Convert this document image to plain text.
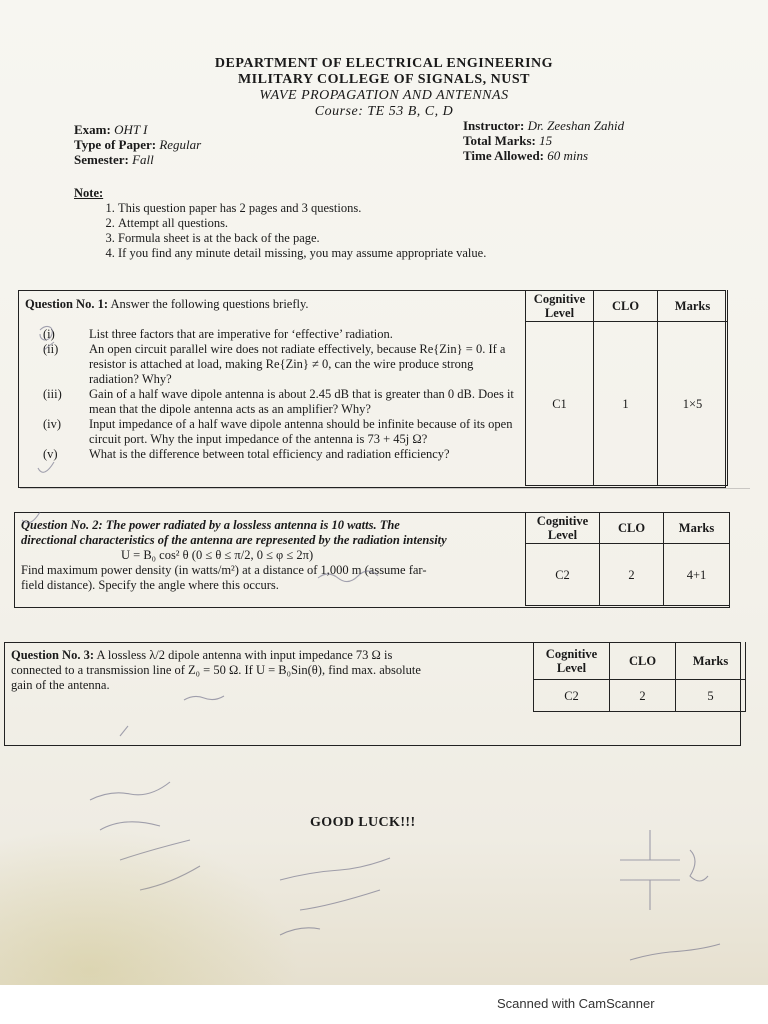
DEPARTMENT OF ELECTRICAL ENGINEERING
MILITARY COLLEGE OF SIGNALS, NUST
WAVE PROPAGATION AND ANTENNAS
Course: TE 53 B, C, D
Exam: OHT I
Type of Paper: Regular
Semester: Fall
Instructor: Dr. Zeeshan Zahid
Total Marks: 15
Time Allowed: 60 mins
Note:
1. This question paper has 2 pages and 3 questions.
2. Attempt all questions.
3. Formula sheet is at the back of the page.
4. If you find any minute detail missing, you may assume appropriate value.
Question No. 1: Answer the following questions briefly.
(i)	List three factors that are imperative for ‘effective’ radiation.
(ii)	An open circuit parallel wire does not radiate effectively, because Re{Zin} = 0. If a resistor is attached at load, making Re{Zin} ≠ 0, can the wire produce strong radiation? Why?
(iii)	Gain of a half wave dipole antenna is about 2.45 dB that is greater than 0 dB. Does it mean that the dipole antenna acts as an amplifier? Why?
(iv)	Input impedance of a half wave dipole antenna should be infinite because of its open circuit port. Why the input impedance of the antenna is 73 + 45j Ω?
(v)	What is the difference between total efficiency and radiation efficiency?
Cognitive Level	CLO	Marks
C1	1	1×5
Question No. 2: The power radiated by a lossless antenna is 10 watts. The
directional characteristics of the antenna are represented by the radiation intensity
U = B₀ cos² θ (0 ≤ θ ≤ π/2, 0 ≤ φ ≤ 2π)
Find maximum power density (in watts/m²) at a distance of 1,000 m (assume far-
field distance). Specify the angle where this occurs.
Cognitive Level	CLO	Marks
C2	2	4+1
Question No. 3: A lossless λ/2 dipole antenna with input impedance 73 Ω is
connected to a transmission line of Z₀ = 50 Ω. If U = B₀Sin(θ), find max. absolute
gain of the antenna.
Cognitive Level	CLO	Marks
C2	2	5
GOOD LUCK!!!
Scanned with CamScanner
